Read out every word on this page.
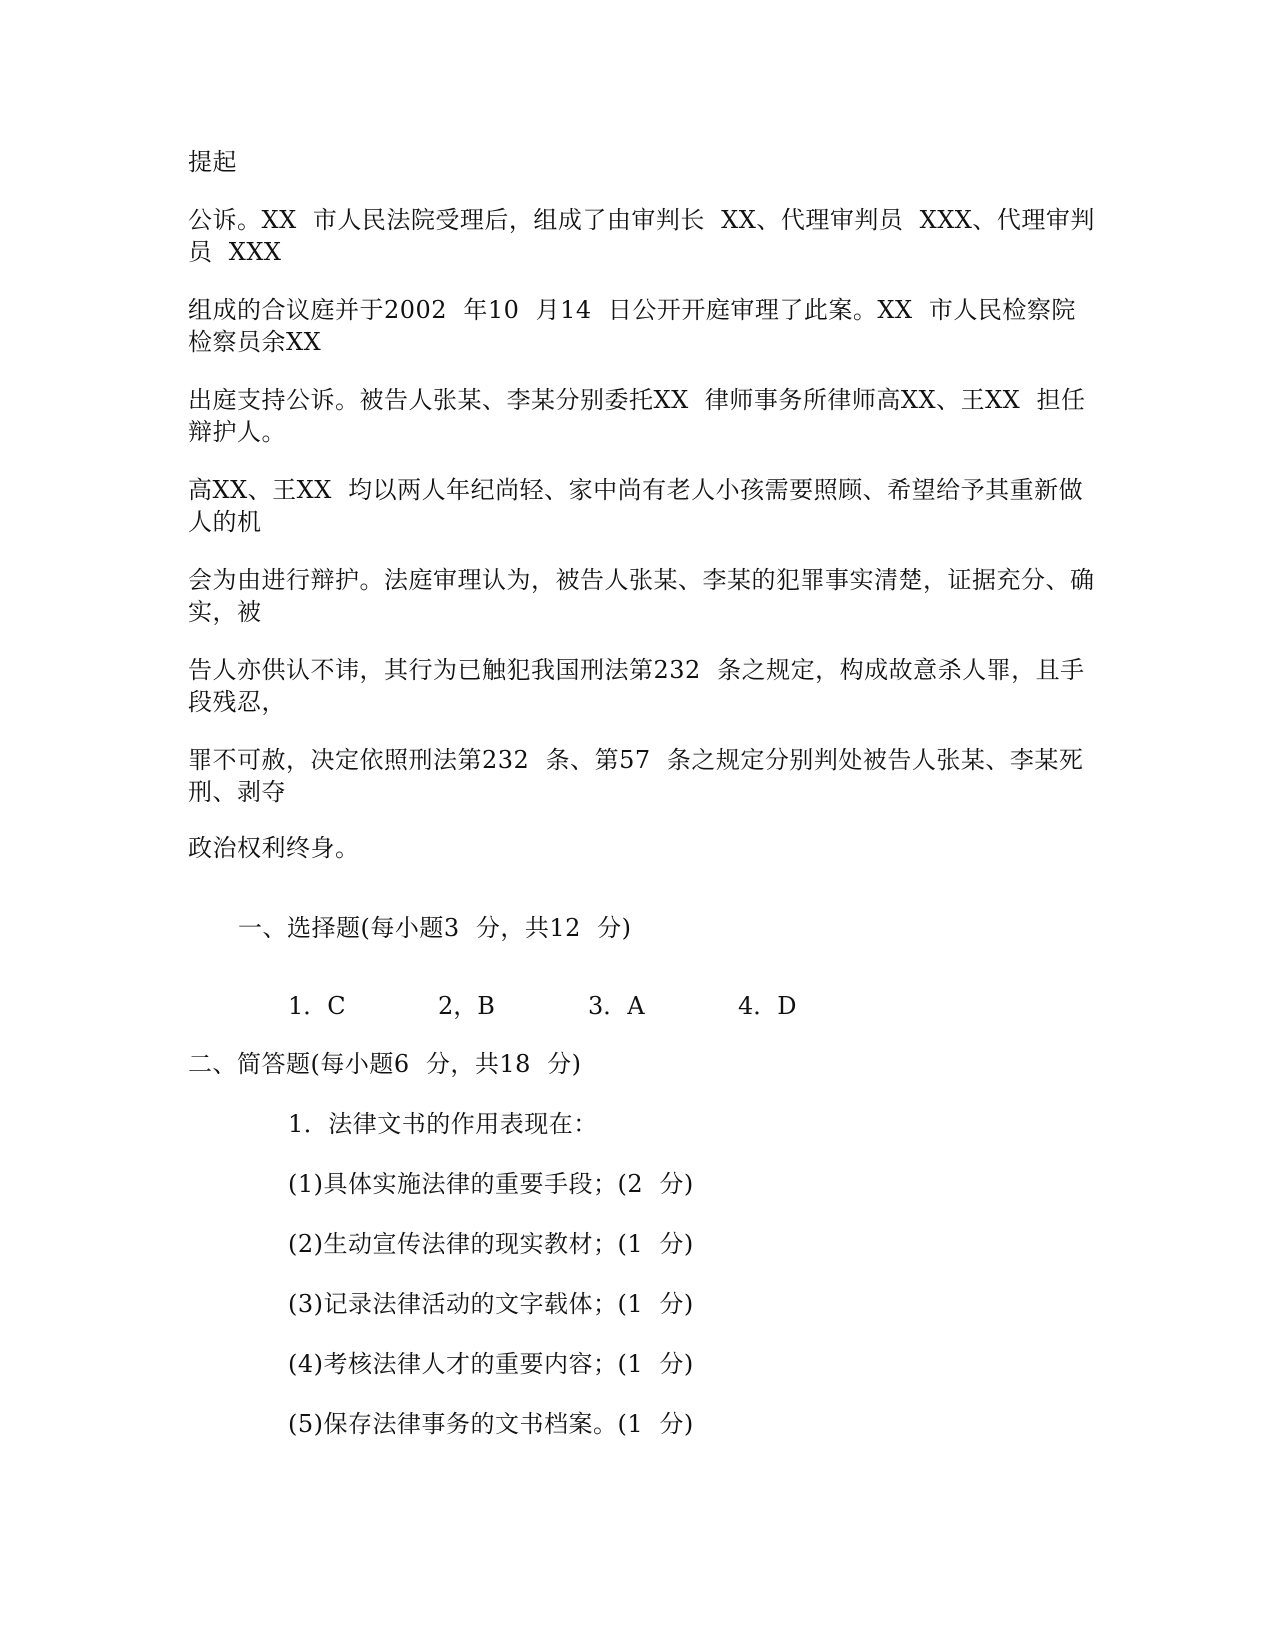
提起
公诉。XX  市人民法院受理后，组成了由审判长  XX、代理审判员  XXX、代理审判员  XXX
组成的合议庭并于2002  年10  月14  日公开开庭审理了此案。XX  市人民检察院检察员余XX
出庭支持公诉。被告人张某、李某分别委托XX  律师事务所律师高XX、王XX  担任辩护人。
高XX、王XX  均以两人年纪尚轻、家中尚有老人小孩需要照顾、希望给予其重新做人的机
会为由进行辩护。法庭审理认为，被告人张某、李某的犯罪事实清楚，证据充分、确实，被
告人亦供认不讳，其行为已触犯我国刑法第232  条之规定，构成故意杀人罪，且手段残忍，
罪不可赦，决定依照刑法第232  条、第57  条之规定分别判处被告人张某、李某死刑、剥夺
政治权利终身。
一、选择题(每小题3  分，共12  分)
1．C	2，B	3．A	4．D
二、简答题(每小题6  分，共18  分)
1．法律文书的作用表现在：
(1)具体实施法律的重要手段；(2  分)
(2)生动宣传法律的现实教材；(1  分)
(3)记录法律活动的文字载体；(1  分)
(4)考核法律人才的重要内容；(1  分)
(5)保存法律事务的文书档案。(1  分)
